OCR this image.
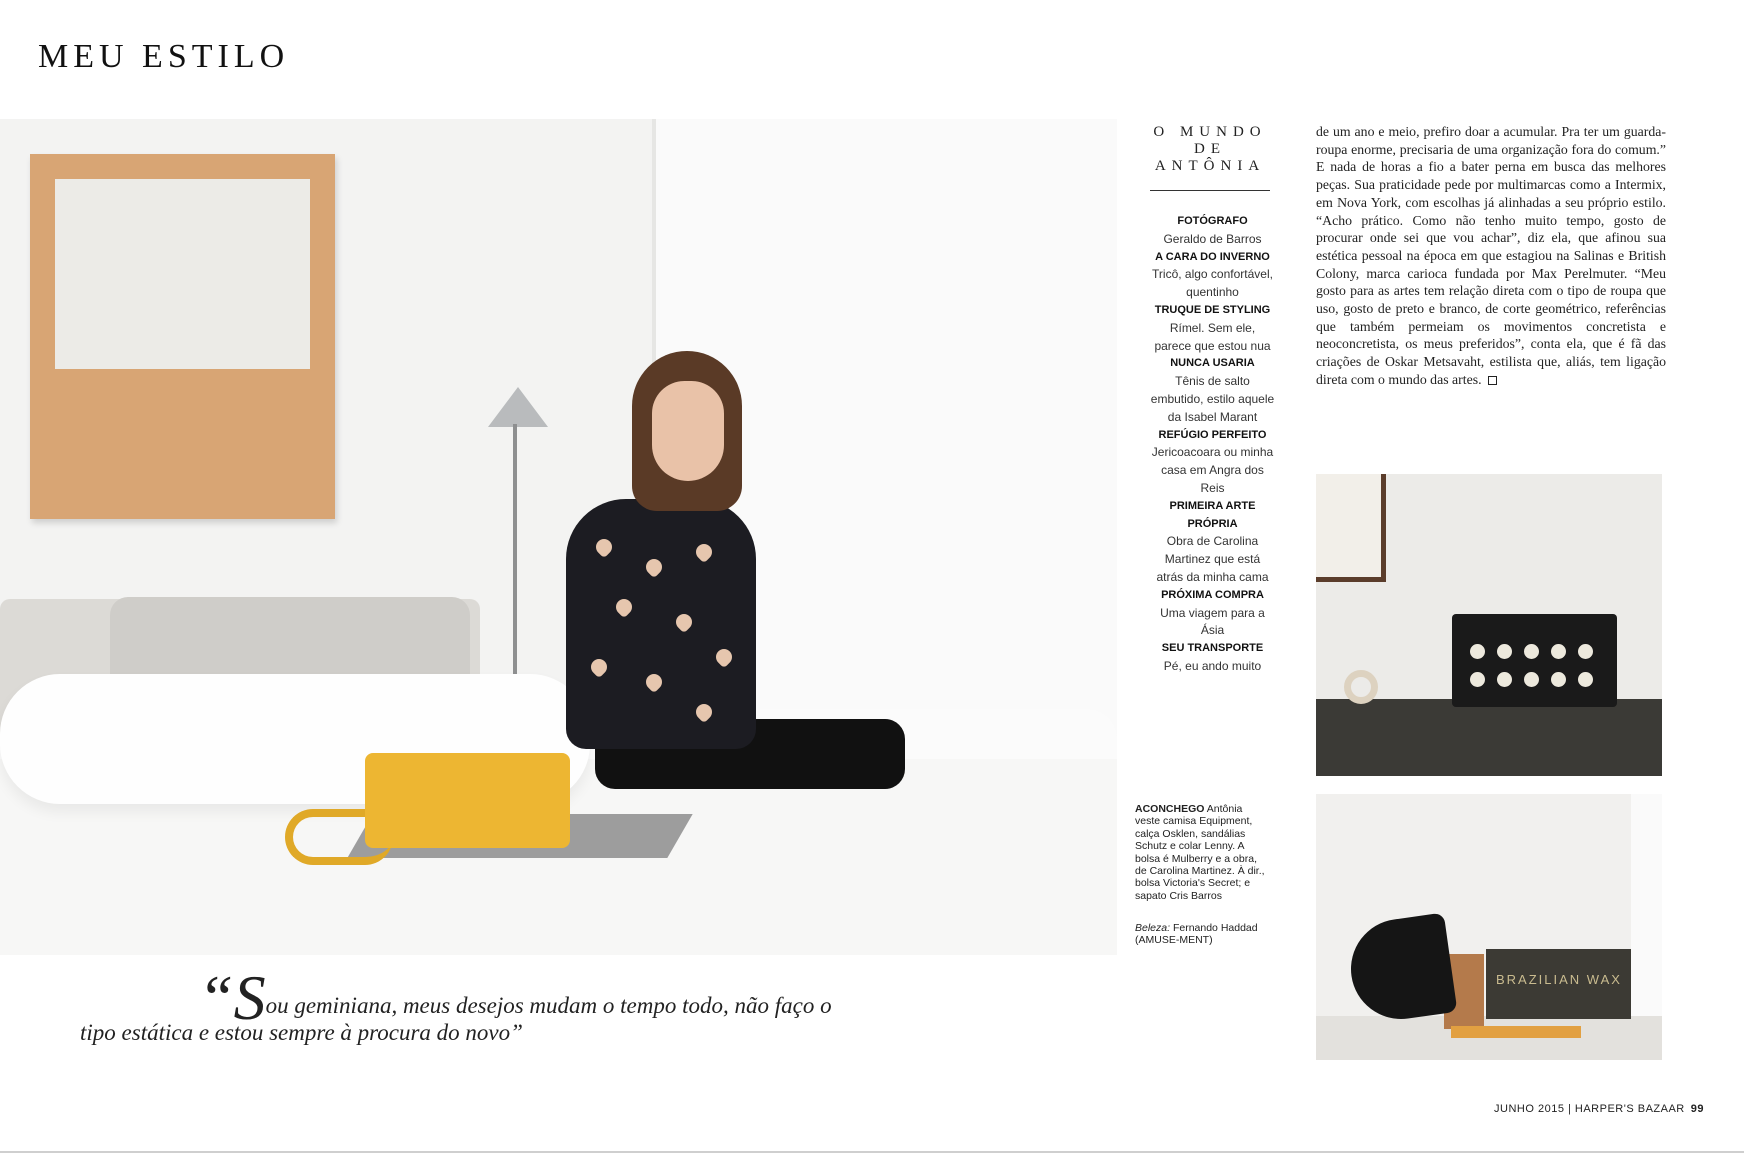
MEU ESTILO
O MUNDO
DE
ANTÔNIA
FOTÓGRAFO
Geraldo de Barros
A CARA DO INVERNO
Tricô, algo confortável, quentinho
TRUQUE DE STYLING
Rímel. Sem ele, parece que estou nua
NUNCA USARIA
Tênis de salto embutido, estilo aquele da Isabel Marant
REFÚGIO PERFEITO
Jericoacoara ou minha casa em Angra dos Reis
PRIMEIRA ARTE PRÓPRIA
Obra de Carolina Martinez que está atrás da minha cama
PRÓXIMA COMPRA
Uma viagem para a Ásia
SEU TRANSPORTE
Pé, eu ando muito
ACONCHEGO Antônia veste camisa Equipment, calça Osklen, sandálias Schutz e colar Lenny. A bolsa é Mulberry e a obra, de Carolina Martinez. À dir., bolsa Victoria's Secret; e sapato Cris Barros
Beleza: Fernando Haddad (AMUSE-MENT)
de um ano e meio, prefiro doar a acumular. Pra ter um guarda-roupa enorme, precisaria de uma organização fora do comum.” E nada de horas a fio a bater perna em busca das melhores peças. Sua praticidade pede por multimarcas como a Intermix, em Nova York, com escolhas já alinhadas a seu próprio estilo. “Acho prático. Como não tenho muito tempo, gosto de procurar onde sei que vou achar”, diz ela, que afinou sua estética pessoal na época em que estagiou na Salinas e British Colony, marca carioca fundada por Max Perelmuter. “Meu gosto para as artes tem relação direta com o tipo de roupa que uso, gosto de preto e branco, de corte geométrico, referências que também permeiam os movimentos concretista e neoconcretista, os meus preferidos”, conta ela, que é fã das criações de Oskar Metsavaht, estilista que, aliás, tem ligação direta com o mundo das artes.
BRAZILIAN WAX
“Sou geminiana, meus desejos mudam o tempo todo, não faço o
tipo estática e estou sempre à procura do novo”
JUNHO 2015 | HARPER'S BAZAAR 99
